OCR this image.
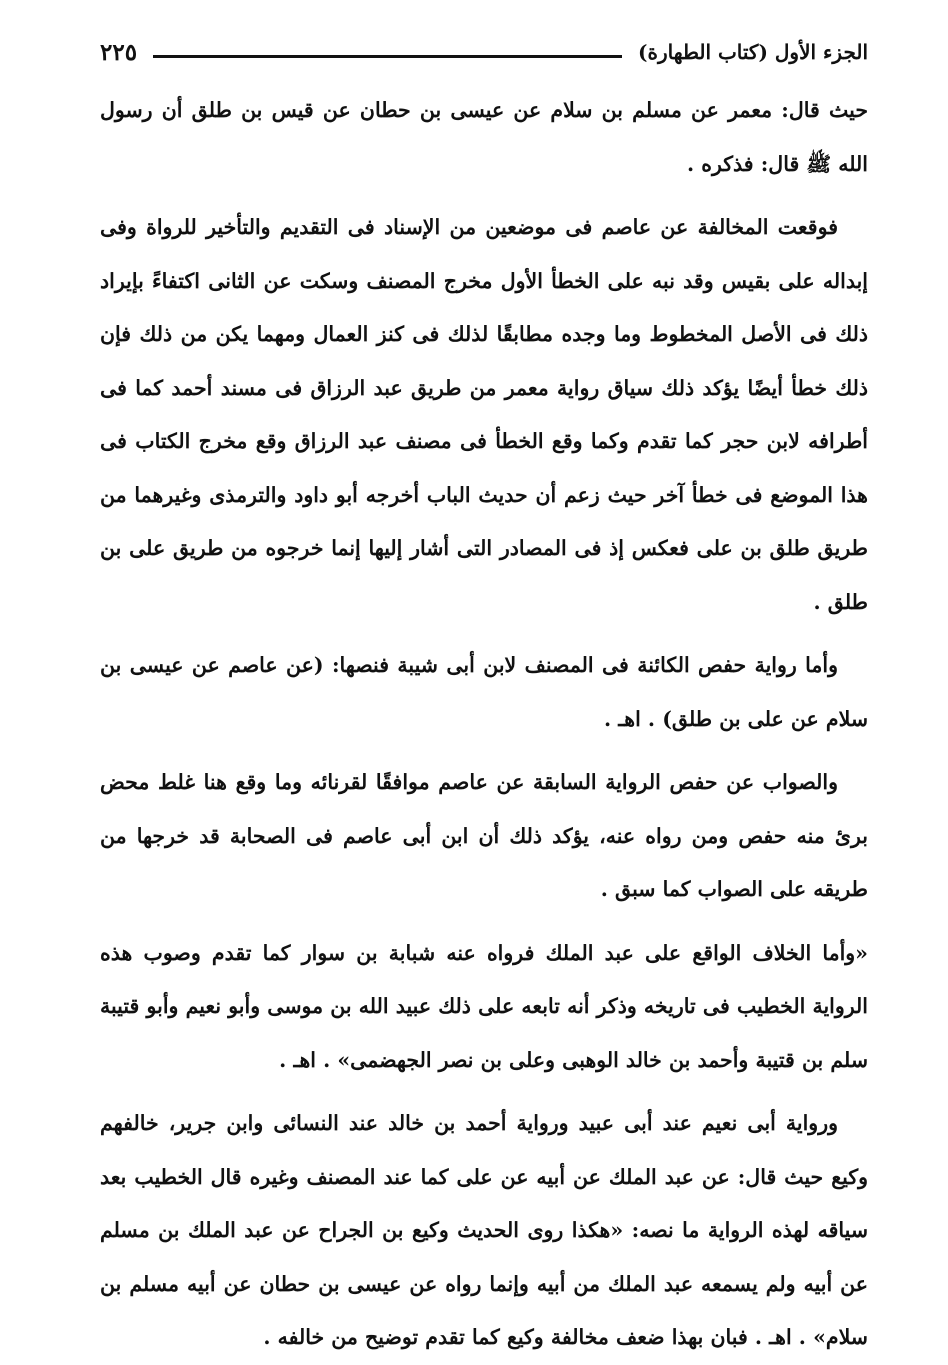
الجزء الأول (كتاب الطهارة)
٢٢٥

حيث قال: معمر عن مسلم بن سلام عن عيسى بن حطان عن قيس بن طلق أن رسول الله ﷺ قال: فذكره .

فوقعت المخالفة عن عاصم فى موضعين من الإسناد فى التقديم والتأخير للرواة وفى إبداله على بقيس وقد نبه على الخطأ الأول مخرج المصنف وسكت عن الثانى اكتفاءً بإيراد ذلك فى الأصل المخطوط وما وجده مطابقًا لذلك فى كنز العمال ومهما يكن من ذلك فإن ذلك خطأ أيضًا يؤكد ذلك سياق رواية معمر من طريق عبد الرزاق فى مسند أحمد كما فى أطرافه لابن حجر كما تقدم وكما وقع الخطأ فى مصنف عبد الرزاق وقع مخرج الكتاب فى هذا الموضع فى خطأ آخر حيث زعم أن حديث الباب أخرجه أبو داود والترمذى وغيرهما من طريق طلق بن على فعكس إذ فى المصادر التى أشار إليها إنما خرجوه من طريق على بن طلق .

وأما رواية حفص الكائنة فى المصنف لابن أبى شيبة فنصها: (عن عاصم عن عيسى بن سلام عن على بن طلق) . اهـ .

والصواب عن حفص الرواية السابقة عن عاصم موافقًا لقرنائه وما وقع هنا غلط محض برئ منه حفص ومن رواه عنه، يؤكد ذلك أن ابن أبى عاصم فى الصحابة قد خرجها من طريقه على الصواب كما سبق .

«وأما الخلاف الواقع على عبد الملك فرواه عنه شبابة بن سوار كما تقدم وصوب هذه الرواية الخطيب فى تاريخه وذكر أنه تابعه على ذلك عبيد الله بن موسى وأبو نعيم وأبو قتيبة سلم بن قتيبة وأحمد بن خالد الوهبى وعلى بن نصر الجهضمى» . اهـ .

ورواية أبى نعيم عند أبى عبيد ورواية أحمد بن خالد عند النسائى وابن جرير، خالفهم وكيع حيث قال: عن عبد الملك عن أبيه عن على كما عند المصنف وغيره قال الخطيب بعد سياقه لهذه الرواية ما نصه: «هكذا روى الحديث وكيع بن الجراح عن عبد الملك بن مسلم عن أبيه ولم يسمعه عبد الملك من أبيه وإنما رواه عن عيسى بن حطان عن أبيه مسلم بن سلام» . اهـ . فبان بهذا ضعف مخالفة وكيع كما تقدم توضيح من خالفه .
